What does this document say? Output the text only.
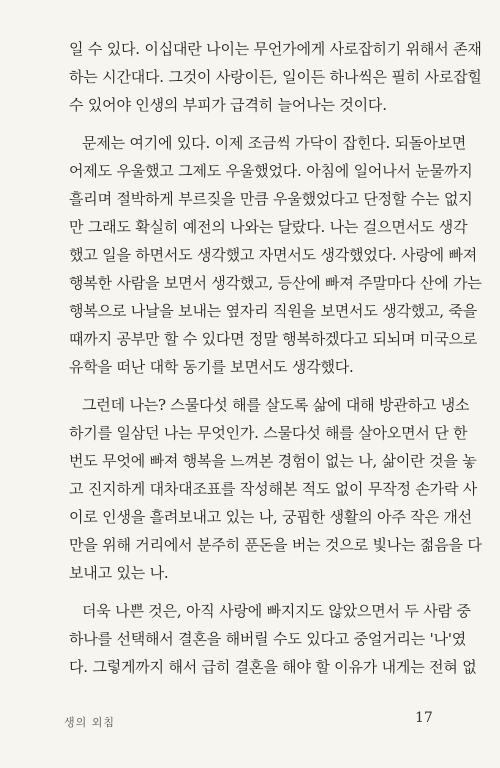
일 수 있다. 이십대란 나이는 무언가에게 사로잡히기 위해서 존재
하는 시간대다. 그것이 사랑이든, 일이든 하나씩은 필히 사로잡힐
수 있어야 인생의 부피가 급격히 늘어나는 것이다.
문제는 여기에 있다. 이제 조금씩 가닥이 잡힌다. 되돌아보면
어제도 우울했고 그제도 우울했었다. 아침에 일어나서 눈물까지
흘리며 절박하게 부르짖을 만큼 우울했었다고 단정할 수는 없지
만 그래도 확실히 예전의 나와는 달랐다. 나는 걸으면서도 생각
했고 일을 하면서도 생각했고 자면서도 생각했었다. 사랑에 빠져
행복한 사람을 보면서 생각했고, 등산에 빠져 주말마다 산에 가는
행복으로 나날을 보내는 옆자리 직원을 보면서도 생각했고, 죽을
때까지 공부만 할 수 있다면 정말 행복하겠다고 되뇌며 미국으로
유학을 떠난 대학 동기를 보면서도 생각했다.
그런데 나는? 스물다섯 해를 살도록 삶에 대해 방관하고 냉소
하기를 일삼던 나는 무엇인가. 스물다섯 해를 살아오면서 단 한
번도 무엇에 빠져 행복을 느껴본 경험이 없는 나, 삶이란 것을 놓
고 진지하게 대차대조표를 작성해본 적도 없이 무작정 손가락 사
이로 인생을 흘려보내고 있는 나, 궁핍한 생활의 아주 작은 개선
만을 위해 거리에서 분주히 푼돈을 버는 것으로 빛나는 젊음을 다
보내고 있는 나.
더욱 나쁜 것은, 아직 사랑에 빠지지도 않았으면서 두 사람 중
하나를 선택해서 결혼을 해버릴 수도 있다고 중얼거리는 '나'였
다. 그렇게까지 해서 급히 결혼을 해야 할 이유가 내게는 전혀 없
생의 외침	17
